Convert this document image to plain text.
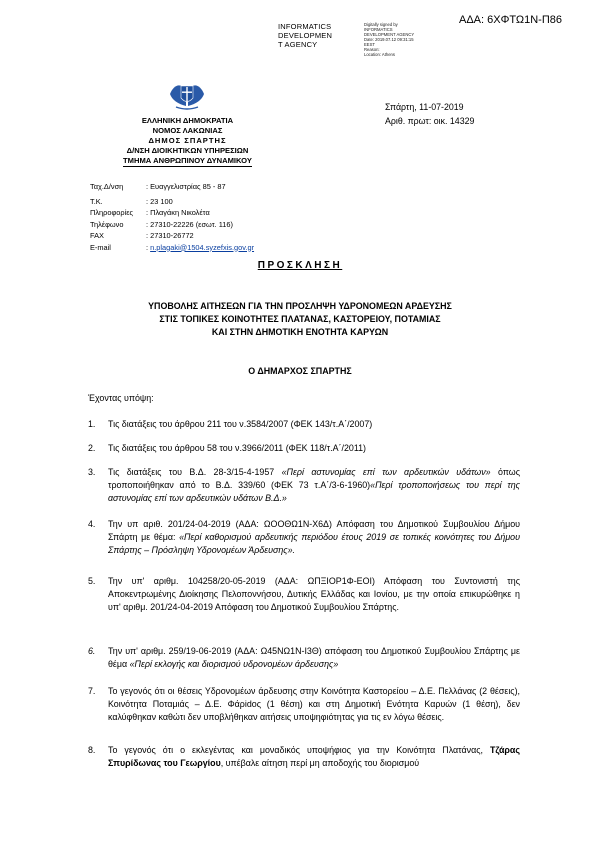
ΑΔΑ: 6ΧΦΤΩ1Ν-Π86
INFORMATICS
DEVELOPMEN
T AGENCY
Digitally signed by
INFORMATICS
DEVELOPMENT AGENCY
Date: 2019.07.12 09:31:15
EEST
Reason:
Location: Athens
ΕΛΛΗΝΙΚΗ ΔΗΜΟΚΡΑΤΙΑ
ΝΟΜΟΣ ΛΑΚΩΝΙΑΣ
ΔΗΜΟΣ ΣΠΑΡΤΗΣ
Δ/ΝΣΗ ΔΙΟΙΚΗΤΙΚΩΝ ΥΠΗΡΕΣΙΩΝ
ΤΜΗΜΑ ΑΝΘΡΩΠΙΝΟΥ ΔΥΝΑΜΙΚΟΥ
Σπάρτη, 11-07-2019
Αριθ. πρωτ: οικ. 14329
Ταχ.Δ/νση	: Ευαγγελιστρίας 85 - 87
Τ.Κ.	: 23 100
Πληροφορίες : Πλαγάκη Νικολέτα
Τηλέφωνο	: 27310-22226 (εσωτ. 116)
FAX	: 27310-26772
E-mail	: n.plagaki@1504.syzefxis.gov.gr
ΠΡΟΣΚΛΗΣΗ
ΥΠΟΒΟΛΗΣ ΑΙΤΗΣΕΩΝ ΓΙΑ ΤΗΝ ΠΡΟΣΛΗΨΗ ΥΔΡΟΝΟΜΕΩΝ ΑΡΔΕΥΣΗΣ
ΣΤΙΣ ΤΟΠΙΚΕΣ ΚΟΙΝΟΤΗΤΕΣ ΠΛΑΤΑΝΑΣ, ΚΑΣΤΟΡΕΙΟΥ, ΠΟΤΑΜΙΑΣ
ΚΑΙ ΣΤΗΝ ΔΗΜΟΤΙΚΗ ΕΝΟΤΗΤΑ ΚΑΡΥΩΝ
Ο ΔΗΜΑΡΧΟΣ ΣΠΑΡΤΗΣ
Έχοντας υπόψη:
1. Τις διατάξεις του άρθρου 211 του ν.3584/2007 (ΦΕΚ 143/τ.Α΄/2007)
2. Τις διατάξεις του άρθρου 58 του ν.3966/2011 (ΦΕΚ 118/τ.Α΄/2011)
3. Τις διατάξεις του Β.Δ. 28-3/15-4-1957 «Περί αστυνομίας επί των αρδευτικών υδάτων» όπως τροποποιήθηκαν από το Β.Δ. 339/60 (ΦΕΚ 73 τ.Α΄/3-6-1960)«Περί τροποποιήσεως του περί της αστυνομίας επί των αρδευτικών υδάτων Β.Δ.»
4. Την υπ αριθ. 201/24-04-2019 (ΑΔΑ: ΩΟΟΘΩ1Ν-Χ6Δ) Απόφαση του Δημοτικού Συμβουλίου Δήμου Σπάρτη με θέμα: «Περί καθορισμού αρδευτικής περιόδου έτους 2019 σε τοπικές κοινότητες του Δήμου Σπάρτης – Πρόσληψη Υδρονομέων Άρδευσης».
5. Την υπ' αριθμ. 104258/20-05-2019 (ΑΔΑ: ΩΠΞΙΟΡ1Φ-ΕΟΙ) Απόφαση του Συντονιστή της Αποκεντρωμένης Διοίκησης Πελοποννήσου, Δυτικής Ελλάδας και Ιονίου, με την οποία επικυρώθηκε η υπ' αριθμ. 201/24-04-2019 Απόφαση του Δημοτικού Συμβουλίου Σπάρτης.
6. Την υπ' αριθμ. 259/19-06-2019 (ΑΔΑ: Ω45ΝΩ1Ν-Ι3Θ) απόφαση του Δημοτικού Συμβουλίου Σπάρτης με θέμα «Περί εκλογής και διορισμού υδρονομέων άρδευσης»
7. Το γεγονός ότι οι θέσεις Υδρονομέων άρδευσης στην Κοινότητα Καστορείου – Δ.Ε. Πελλάνας (2 θέσεις), Κοινότητα Ποταμιάς – Δ.Ε. Φάρidος (1 θέση) και στη Δημοτική Ενότητα Καρυών (1 θέση), δεν καλύφθηκαν καθώτι δεν υποβλήθηκαν αιτήσεις υποψηφιότητας για τις εν λόγω θέσεις.
8. Το γεγονός ότι ο εκλεγέντας και μοναδικός υποψήφιος για την Κοινότητα Πλατάνας, Τζάρας Σπυρίδωνας του Γεωργίου, υπέβαλε αίτηση περί μη αποδοχής του διορισμού
